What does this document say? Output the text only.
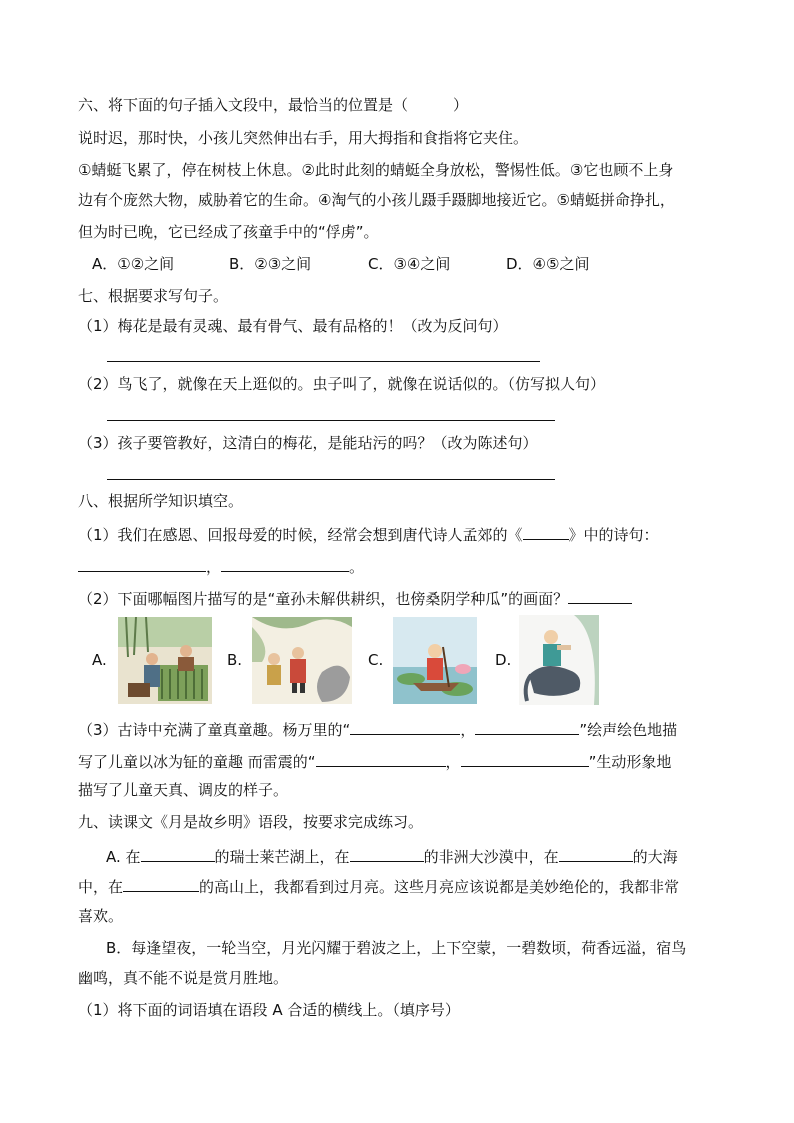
六、将下面的句子插入文段中，最恰当的位置是（　　　）
说时迟，那时快，小孩儿突然伸出右手，用大拇指和食指将它夹住。
①蜻蜓飞累了，停在树枝上休息。②此时此刻的蜻蜓全身放松，警惕性低。③它也顾不上身
边有个庞然大物，威胁着它的生命。④淘气的小孩儿蹑手蹑脚地接近它。⑤蜻蜓拼命挣扎，
但为时已晚，它已经成了孩童手中的“俘虏”。
A．①②之间	B．②③之间	C．③④之间	D．④⑤之间
七、根据要求写句子。
（1）梅花是最有灵魂、最有骨气、最有品格的！（改为反问句）
（2）鸟飞了，就像在天上逛似的。虫子叫了，就像在说话似的。（仿写拟人句）
（3）孩子要管教好，这清白的梅花，是能玷污的吗？（改为陈述句）
八、根据所学知识填空。
（1）我们在感恩、回报母爱的时候，经常会想到唐代诗人孟郊的《	》中的诗句：
，	。
（2）下面哪幅图片描写的是“童孙未解供耕织，也傍桑阴学种瓜”的画面？
A.	B.	C.	D.
（3）古诗中充满了童真童趣。杨万里的“	，	”绘声绘色地描
写了儿童以冰为钲的童趣 而雷震的“	，	”生动形象地
描写了儿童天真、调皮的样子。
九、读课文《月是故乡明》语段，按要求完成练习。
A. 在	的瑞士莱芒湖上，在	的非洲大沙漠中，在	的大海
中，在	的高山上，我都看到过月亮。这些月亮应该说都是美妙绝伦的，我都非常
喜欢。
B．每逢望夜，一轮当空，月光闪耀于碧波之上，上下空蒙，一碧数顷，荷香远溢，宿鸟
幽鸣，真不能不说是赏月胜地。
（1）将下面的词语填在语段 A 合适的横线上。（填序号）
